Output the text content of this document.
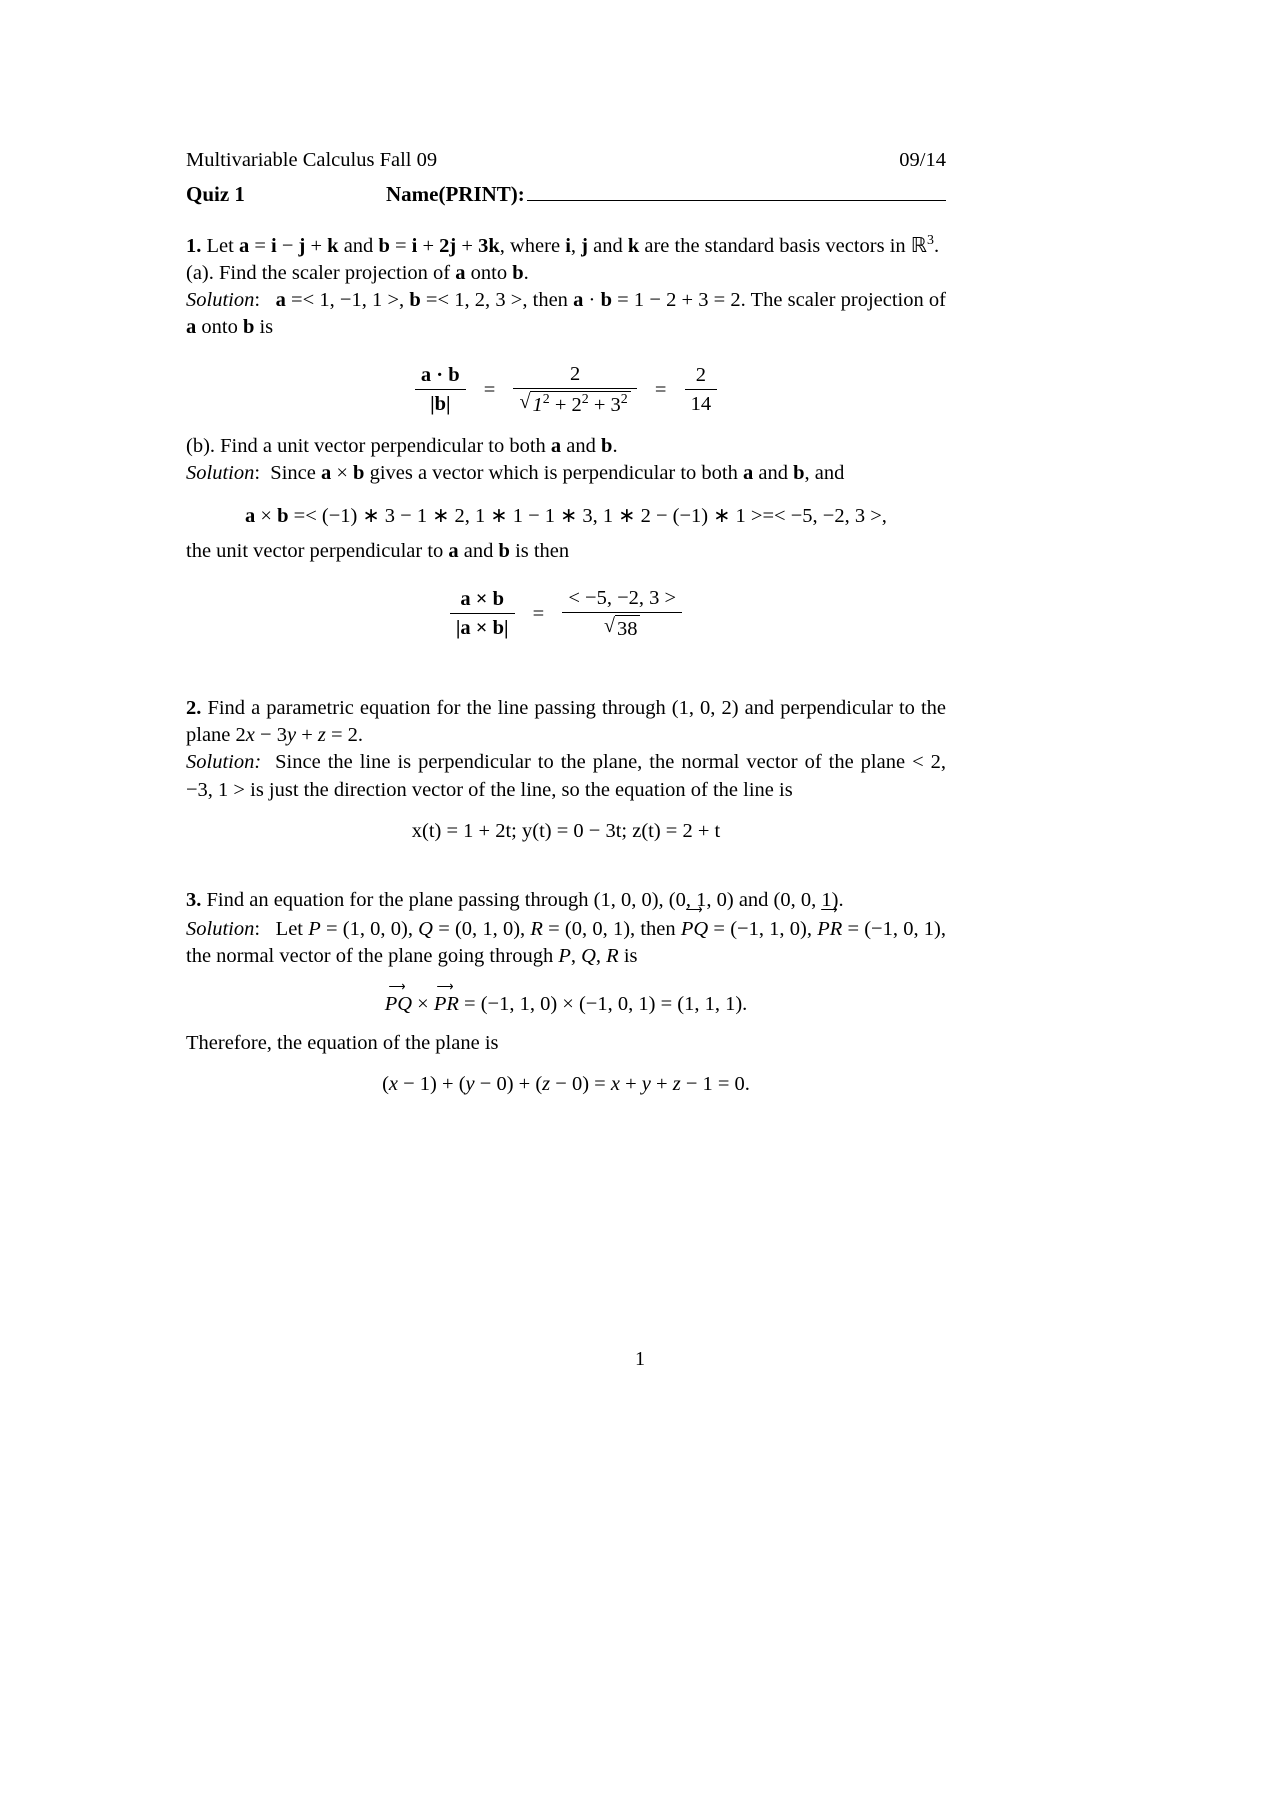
Multivariable Calculus Fall 09	09/14
Quiz 1	Name(PRINT):
1. Let a = i − j + k and b = i + 2j + 3k, where i, j and k are the standard basis vectors in ℝ$^3$.
(a). Find the scaler projection of a onto b.
Solution:   a =< 1, −1, 1 >, b =< 1, 2, 3 >, then a · b = 1 − 2 + 3 = 2. The scaler projection of a onto b is
$\frac{a \cdot b}{|b|} = 2$
√ $1^2 + 2^2 + 3^2 = \frac{2}{14}$
(b). Find a unit vector perpendicular to both a and b.
Solution:  Since a × b gives a vector which is perpendicular to both a and b, and
a × b =< (−1) ∗ 3 − 1 ∗ 2, 1 ∗ 1 − 1 ∗ 3, 1 ∗ 2 − (−1) ∗ 1 >=< −5, −2, 3 >,
the unit vector perpendicular to a and b is then
$\frac{a \times b}{|a \times b|}$ = < −5, −2, 3 >
√ 38
2. Find a parametric equation for the line passing through (1, 0, 2) and perpendicular to the plane 2x − 3y + z = 2.
Solution:  Since the line is perpendicular to the plane, the normal vector of the plane < 2, −3, 1 > is just the direction vector of the line, so the equation of the line is
x(t) = 1 + 2t; y(t) = 0 − 3t; z(t) = 2 + t
3. Find an equation for the plane passing through (1, 0, 0), (0, 1, 0) and (0, 0, 1).
Solution:   Let P = (1, 0, 0), Q = (0, 1, 0), R = (0, 0, 1), then
⟶
PQ = (−1, 1, 0),
⟶
PR = (−1, 0, 1), the normal vector of the plane going through P, Q, R is
⟶
PQ ×
⟶
PR = (−1, 1, 0) × (−1, 0, 1) = (1, 1, 1).
Therefore, the equation of the plane is
(x − 1) + (y − 0) + (z − 0) = x + y + z − 1 = 0.
1
